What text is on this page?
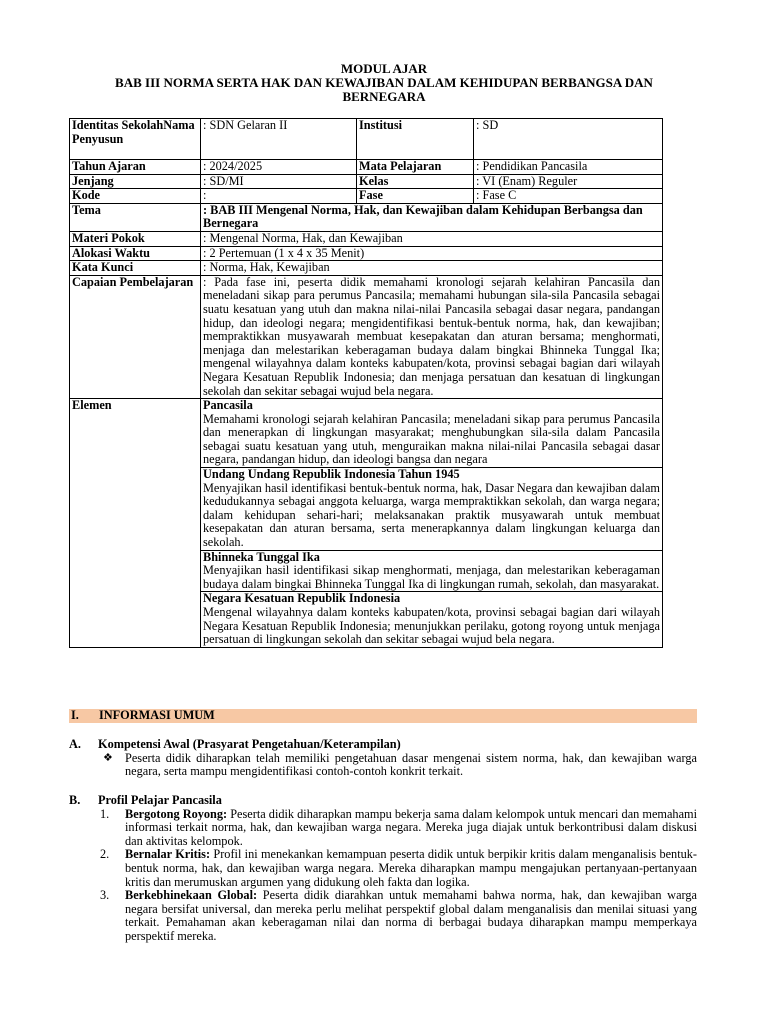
MODUL AJAR
BAB III NORMA SERTA HAK DAN KEWAJIBAN DALAM KEHIDUPAN BERBANGSA DAN
BERNEGARA
Identitas SekolahNama Penyusun	: SDN Gelaran II	Institusi	: SD
Tahun Ajaran	: 2024/2025	Mata Pelajaran	: Pendidikan Pancasila
Jenjang	: SD/MI	Kelas	: VI (Enam) Reguler
Kode	:	Fase	: Fase C
Tema	: BAB III Mengenal Norma, Hak, dan Kewajiban dalam Kehidupan Berbangsa dan Bernegara		
Materi Pokok	: Mengenal Norma, Hak, dan Kewajiban		
Alokasi Waktu	: 2 Pertemuan (1 x 4 x 35 Menit)		
Kata Kunci	: Norma, Hak, Kewajiban		
Capaian Pembelajaran	: Pada fase ini, peserta didik memahami kronologi sejarah kelahiran Pancasila dan meneladani sikap para perumus Pancasila; memahami hubungan sila-sila Pancasila sebagai suatu kesatuan yang utuh dan makna nilai-nilai Pancasila sebagai dasar negara, pandangan hidup, dan ideologi negara; mengidentifikasi bentuk-bentuk norma, hak, dan kewajiban; mempraktikkan musyawarah membuat kesepakatan dan aturan bersama; menghormati, menjaga dan melestarikan keberagaman budaya dalam bingkai Bhinneka Tunggal Ika; mengenal wilayahnya dalam konteks kabupaten/kota, provinsi sebagai bagian dari wilayah Negara Kesatuan Republik Indonesia; dan menjaga persatuan dan kesatuan di lingkungan sekolah dan sekitar sebagai wujud bela negara.		
Elemen	Pancasila
Memahami kronologi sejarah kelahiran Pancasila; meneladani sikap para perumus Pancasila dan menerapkan di lingkungan masyarakat; menghubungkan sila-sila dalam Pancasila sebagai suatu kesatuan yang utuh, menguraikan makna nilai-nilai Pancasila sebagai dasar negara, pandangan hidup, dan ideologi bangsa dan negara		

	Undang Undang Republik Indonesia Tahun 1945
Menyajikan hasil identifikasi bentuk-bentuk norma, hak, Dasar Negara dan kewajiban dalam kedudukannya sebagai anggota keluarga, warga mempraktikkan sekolah, dan warga negara; dalam kehidupan sehari-hari; melaksanakan praktik musyawarah untuk membuat kesepakatan dan aturan bersama, serta menerapkannya dalam lingkungan keluarga dan sekolah.		

	Bhinneka Tunggal Ika
Menyajikan hasil identifikasi sikap menghormati, menjaga, dan melestarikan keberagaman budaya dalam bingkai Bhinneka Tunggal Ika di lingkungan rumah, sekolah, dan masyarakat.		

	Negara Kesatuan Republik Indonesia
Mengenal wilayahnya dalam konteks kabupaten/kota, provinsi sebagai bagian dari wilayah Negara Kesatuan Republik Indonesia; menunjukkan perilaku, gotong royong untuk menjaga persatuan di lingkungan sekolah dan sekitar sebagai wujud bela negara.		
I. INFORMASI UMUM
A. Kompetensi Awal (Prasyarat Pengetahuan/Keterampilan)
❖ Peserta didik diharapkan telah memiliki pengetahuan dasar mengenai sistem norma, hak, dan kewajiban warga negara, serta mampu mengidentifikasi contoh-contoh konkrit terkait.
B. Profil Pelajar Pancasila
1. Bergotong Royong: Peserta didik diharapkan mampu bekerja sama dalam kelompok untuk mencari dan memahami informasi terkait norma, hak, dan kewajiban warga negara. Mereka juga diajak untuk berkontribusi dalam diskusi dan aktivitas kelompok.
2. Bernalar Kritis: Profil ini menekankan kemampuan peserta didik untuk berpikir kritis dalam menganalisis bentuk-bentuk norma, hak, dan kewajiban warga negara. Mereka diharapkan mampu mengajukan pertanyaan-pertanyaan kritis dan merumuskan argumen yang didukung oleh fakta dan logika.
3. Berkebhinekaan Global: Peserta didik diarahkan untuk memahami bahwa norma, hak, dan kewajiban warga negara bersifat universal, dan mereka perlu melihat perspektif global dalam menganalisis dan menilai situasi yang terkait. Pemahaman akan keberagaman nilai dan norma di berbagai budaya diharapkan mampu memperkaya perspektif mereka.
